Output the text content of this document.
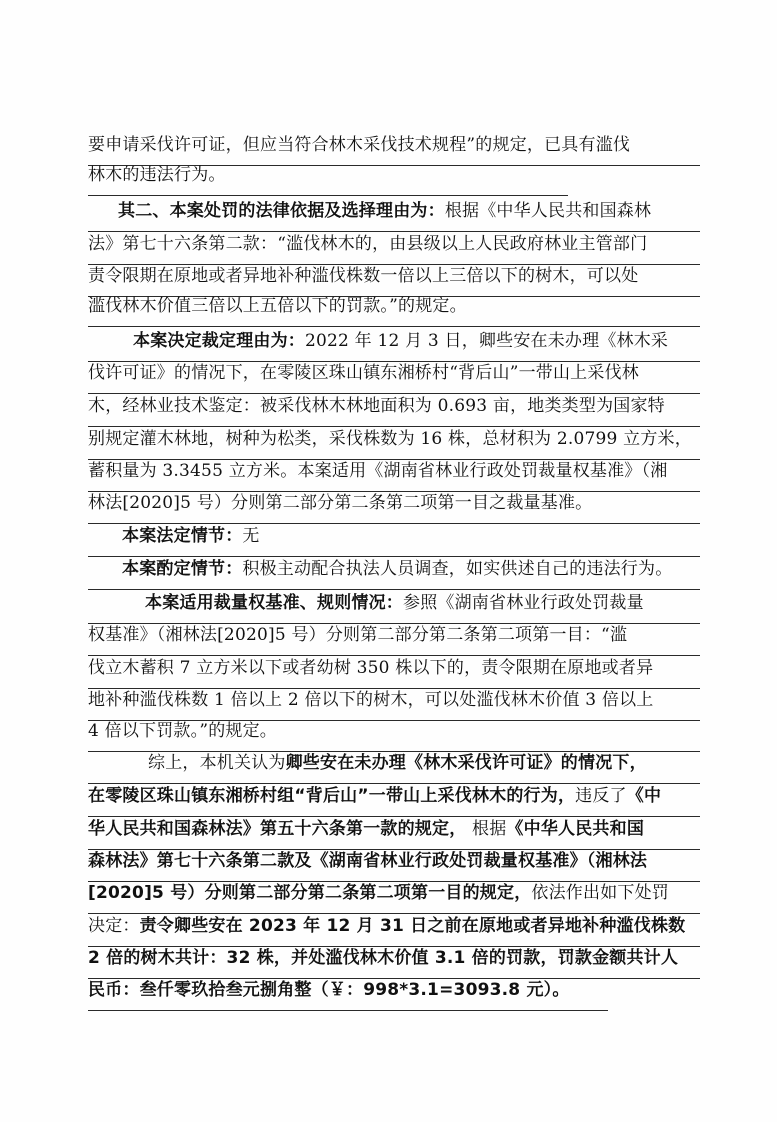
要申请采伐许可证，但应当符合林木采伐技术规程”的规定，已具有滥伐
林木的违法行为。
其二、本案处罚的法律依据及选择理由为：根据《中华人民共和国森林
法》第七十六条第二款：“滥伐林木的，由县级以上人民政府林业主管部门
责令限期在原地或者异地补种滥伐株数一倍以上三倍以下的树木，可以处
滥伐林木价值三倍以上五倍以下的罚款。”的规定。
本案决定裁定理由为：2022 年 12 月 3 日，卿些安在未办理《林木采
伐许可证》的情况下，在零陵区珠山镇东湘桥村“背后山”一带山上采伐林
木，经林业技术鉴定：被采伐林木林地面积为 0.693 亩，地类类型为国家特
别规定灌木林地，树种为松类，采伐株数为 16 株，总材积为 2.0799 立方米，
蓄积量为 3.3455 立方米。本案适用《湖南省林业行政处罚裁量权基准》（湘
林法[2020]5 号）分则第二部分第二条第二项第一目之裁量基准。
本案法定情节：无
本案酌定情节：积极主动配合执法人员调查，如实供述自己的违法行为。
本案适用裁量权基准、规则情况：参照《湖南省林业行政处罚裁量
权基准》（湘林法[2020]5 号）分则第二部分第二条第二项第一目：“滥
伐立木蓄积 7 立方米以下或者幼树 350 株以下的，责令限期在原地或者异
地补种滥伐株数 1 倍以上 2 倍以下的树木，可以处滥伐林木价值 3 倍以上
4 倍以下罚款。”的规定。
综上，本机关认为卿些安在未办理《林木采伐许可证》的情况下，
在零陵区珠山镇东湘桥村组“背后山”一带山上采伐林木的行为，违反了《中
华人民共和国森林法》第五十六条第一款的规定， 根据《中华人民共和国
森林法》第七十六条第二款及《湖南省林业行政处罚裁量权基准》（湘林法
[2020]5 号）分则第二部分第二条第二项第一目的规定，依法作出如下处罚
决定：责令卿些安在 2023 年 12 月 31 日之前在原地或者异地补种滥伐株数
2 倍的树木共计：32 株，并处滥伐林木价值 3.1 倍的罚款，罚款金额共计人
民币：叁仟零玖拾叁元捌角整（￥：998*3.1=3093.8 元）。
